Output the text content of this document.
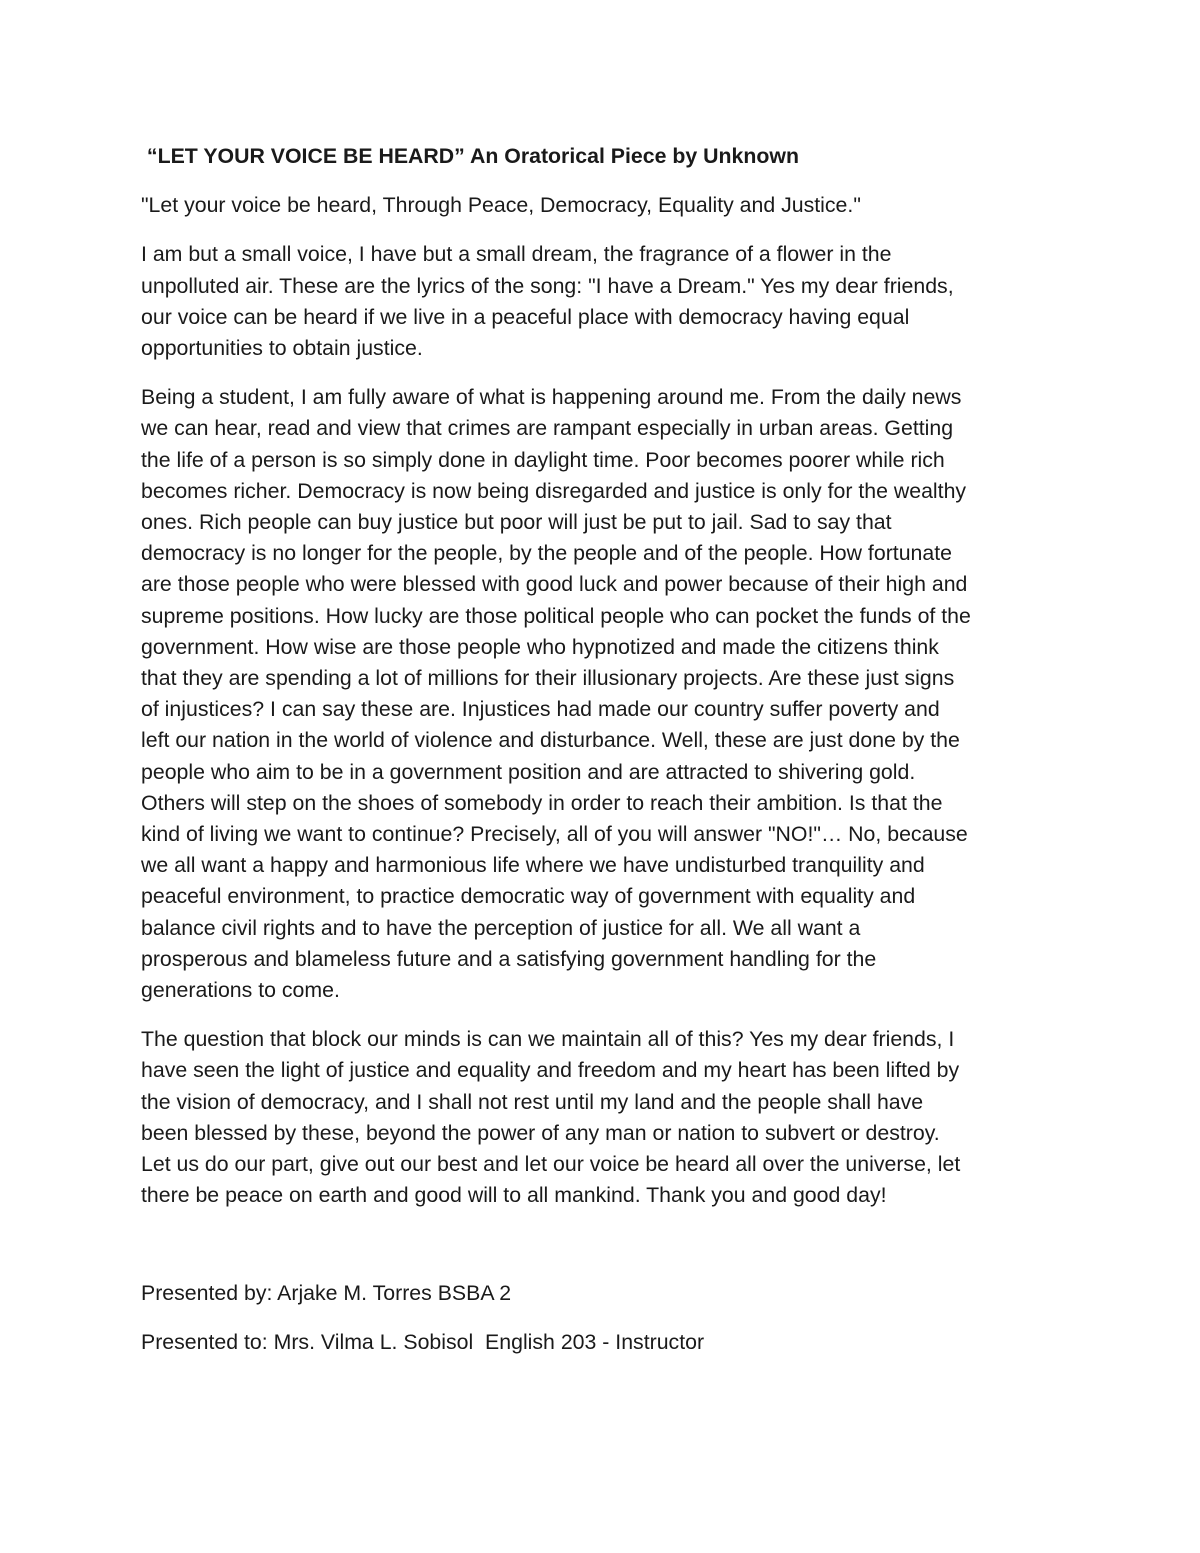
“LET YOUR VOICE BE HEARD” An Oratorical Piece by Unknown
"Let your voice be heard, Through Peace, Democracy, Equality and Justice."
I am but a small voice, I have but a small dream, the fragrance of a flower in the
unpolluted air. These are the lyrics of the song: "I have a Dream." Yes my dear friends,
our voice can be heard if we live in a peaceful place with democracy having equal
opportunities to obtain justice.
Being a student, I am fully aware of what is happening around me. From the daily news
we can hear, read and view that crimes are rampant especially in urban areas. Getting
the life of a person is so simply done in daylight time. Poor becomes poorer while rich
becomes richer. Democracy is now being disregarded and justice is only for the wealthy
ones. Rich people can buy justice but poor will just be put to jail. Sad to say that
democracy is no longer for the people, by the people and of the people. How fortunate
are those people who were blessed with good luck and power because of their high and
supreme positions. How lucky are those political people who can pocket the funds of the
government. How wise are those people who hypnotized and made the citizens think
that they are spending a lot of millions for their illusionary projects. Are these just signs
of injustices? I can say these are. Injustices had made our country suffer poverty and
left our nation in the world of violence and disturbance. Well, these are just done by the
people who aim to be in a government position and are attracted to shivering gold.
Others will step on the shoes of somebody in order to reach their ambition. Is that the
kind of living we want to continue? Precisely, all of you will answer "NO!"… No, because
we all want a happy and harmonious life where we have undisturbed tranquility and
peaceful environment, to practice democratic way of government with equality and
balance civil rights and to have the perception of justice for all. We all want a
prosperous and blameless future and a satisfying government handling for the
generations to come.
The question that block our minds is can we maintain all of this? Yes my dear friends, I
have seen the light of justice and equality and freedom and my heart has been lifted by
the vision of democracy, and I shall not rest until my land and the people shall have
been blessed by these, beyond the power of any man or nation to subvert or destroy.
Let us do our part, give out our best and let our voice be heard all over the universe, let
there be peace on earth and good will to all mankind. Thank you and good day!
Presented by: Arjake M. Torres BSBA 2
Presented to: Mrs. Vilma L. Sobisol  English 203 - Instructor
